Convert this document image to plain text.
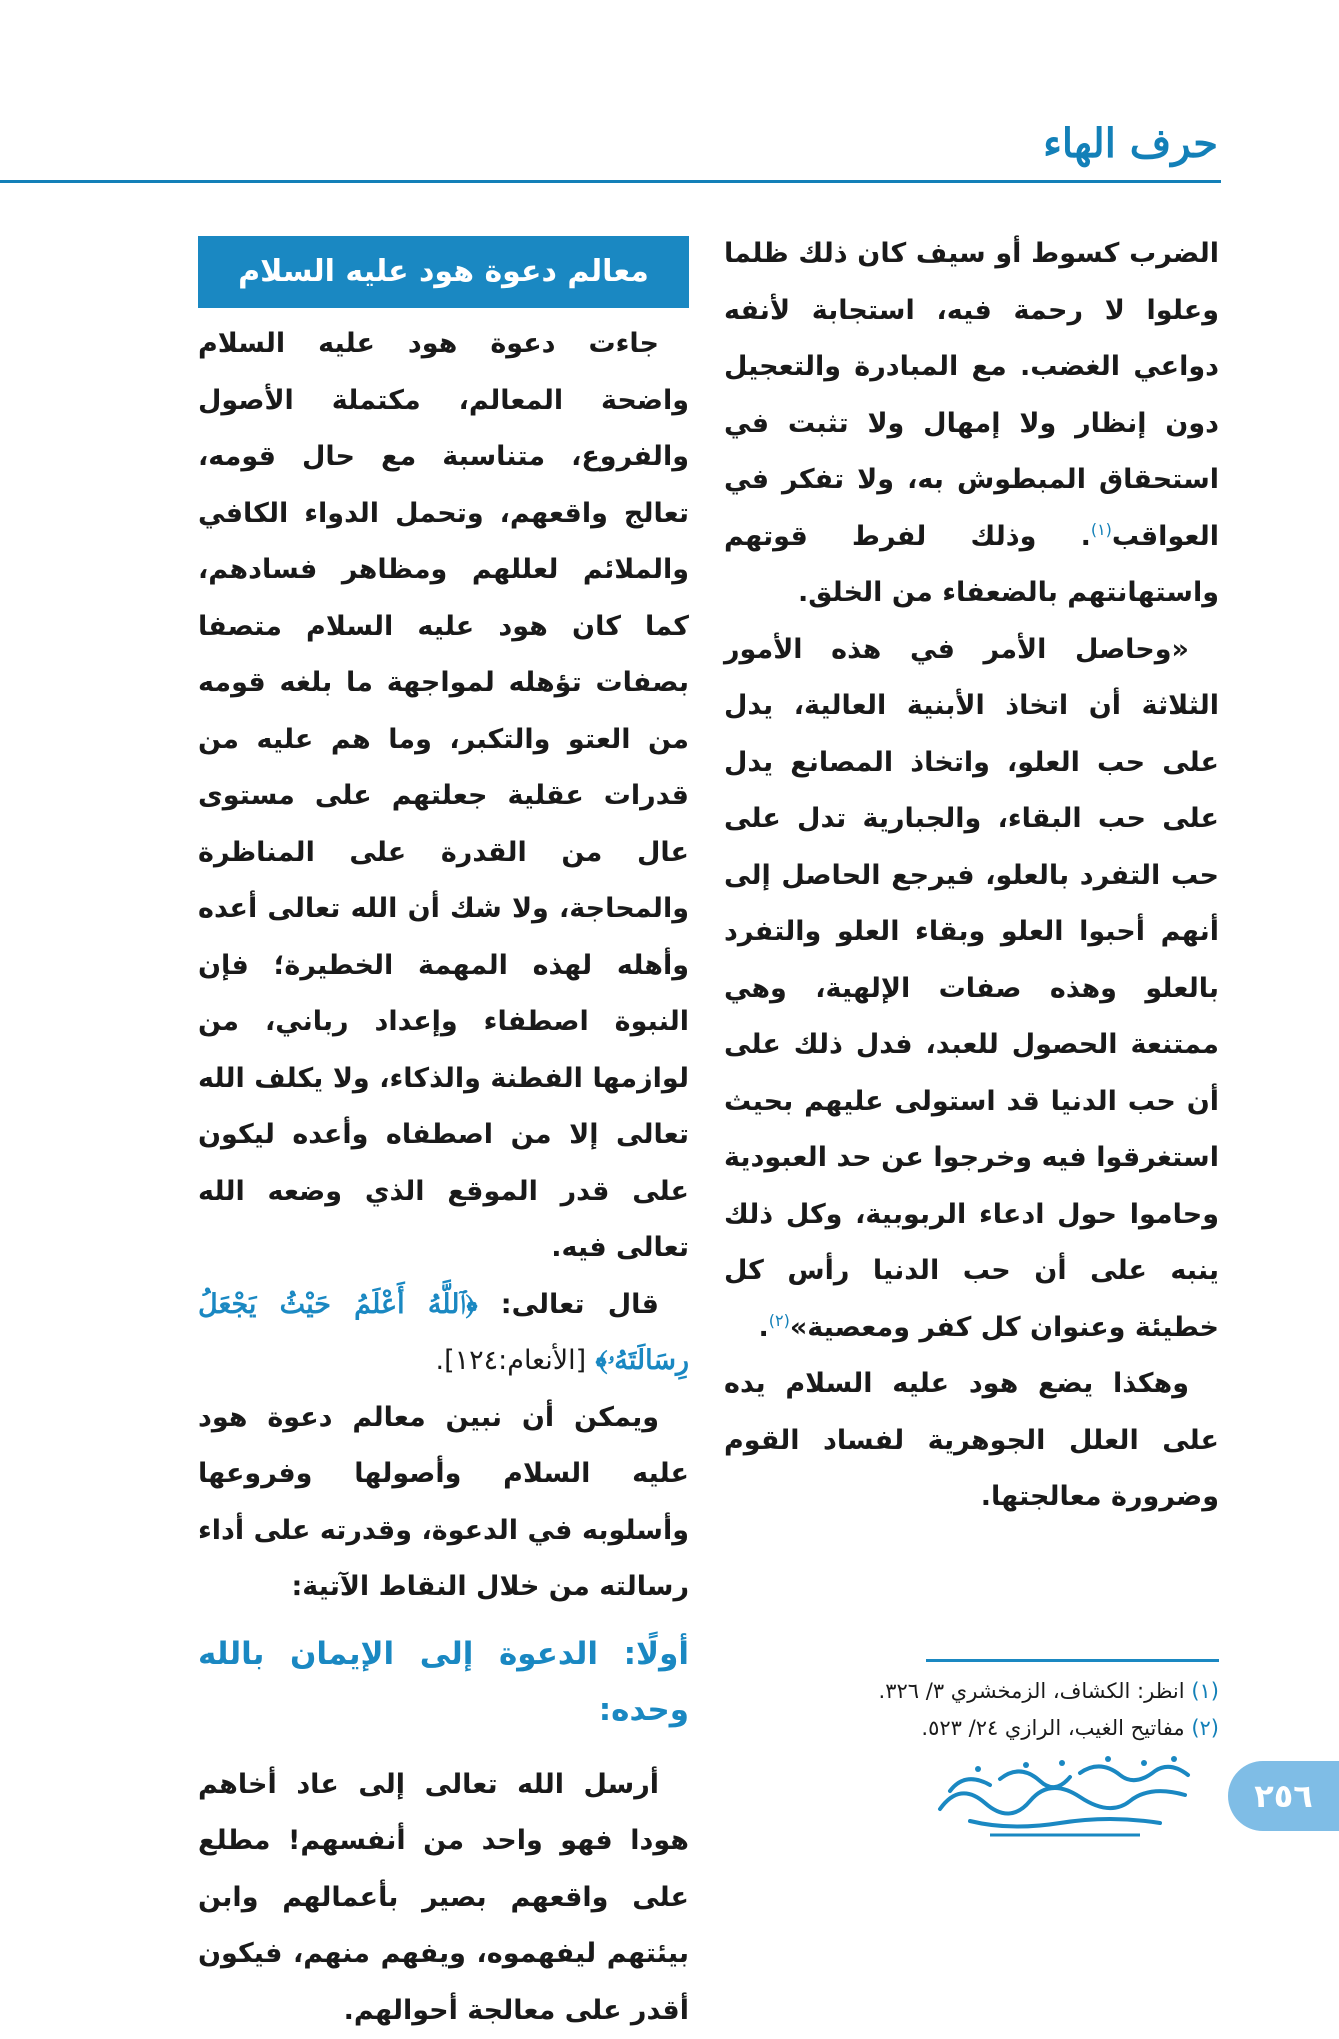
حرف الهاء

الضرب كسوط أو سيف كان ذلك ظلما وعلوا لا رحمة فيه، استجابة لأنفه دواعي الغضب. مع المبادرة والتعجيل دون إنظار ولا إمهال ولا تثبت في استحقاق المبطوش به، ولا تفكر في العواقب$^{(١)}$. وذلك لفرط قوتهم واستهانتهم بالضعفاء من الخلق.

«وحاصل الأمر في هذه الأمور الثلاثة أن اتخاذ الأبنية العالية، يدل على حب العلو، واتخاذ المصانع يدل على حب البقاء، والجبارية تدل على حب التفرد بالعلو، فيرجع الحاصل إلى أنهم أحبوا العلو وبقاء العلو والتفرد بالعلو وهذه صفات الإلهية، وهي ممتنعة الحصول للعبد، فدل ذلك على أن حب الدنيا قد استولى عليهم بحيث استغرقوا فيه وخرجوا عن حد العبودية وحاموا حول ادعاء الربوبية، وكل ذلك ينبه على أن حب الدنيا رأس كل خطيئة وعنوان كل كفر ومعصية»$^{(٢)}$.

وهكذا يضع هود عليه السلام يده على العلل الجوهرية لفساد القوم وضرورة معالجتها.

معالم دعوة هود عليه السلام

جاءت دعوة هود عليه السلام واضحة المعالم، مكتملة الأصول والفروع، متناسبة مع حال قومه، تعالج واقعهم، وتحمل الدواء الكافي والملائم لعللهم ومظاهر فسادهم، كما كان هود عليه السلام متصفا بصفات تؤهله لمواجهة ما بلغه قومه من العتو والتكبر، وما هم عليه من قدرات عقلية جعلتهم على مستوى عال من القدرة على المناظرة والمحاجة، ولا شك أن الله تعالى أعده وأهله لهذه المهمة الخطيرة؛ فإن النبوة اصطفاء وإعداد رباني، من لوازمها الفطنة والذكاء، ولا يكلف الله تعالى إلا من اصطفاه وأعده ليكون على قدر الموقع الذي وضعه الله تعالى فيه.

قال تعالى: ﴿ٱللَّهُ أَعْلَمُ حَيْثُ يَجْعَلُ رِسَالَتَهُۥ﴾ [الأنعام:١٢٤].

ويمكن أن نبين معالم دعوة هود عليه السلام وأصولها وفروعها وأسلوبه في الدعوة، وقدرته على أداء رسالته من خلال النقاط الآتية:

أولًا: الدعوة إلى الإيمان بالله وحده:

أرسل الله تعالى إلى عاد أخاهم هودا فهو واحد من أنفسهم! مطلع على واقعهم بصير بأعمالهم وابن بيئتهم ليفهموه، ويفهم منهم، فيكون أقدر على معالجة أحوالهم.

(١) انظر: الكشاف، الزمخشري ٣/ ٣٢٦.
(٢) مفاتيح الغيب، الرازي ٢٤/ ٥٢٣.
٢٥٦
